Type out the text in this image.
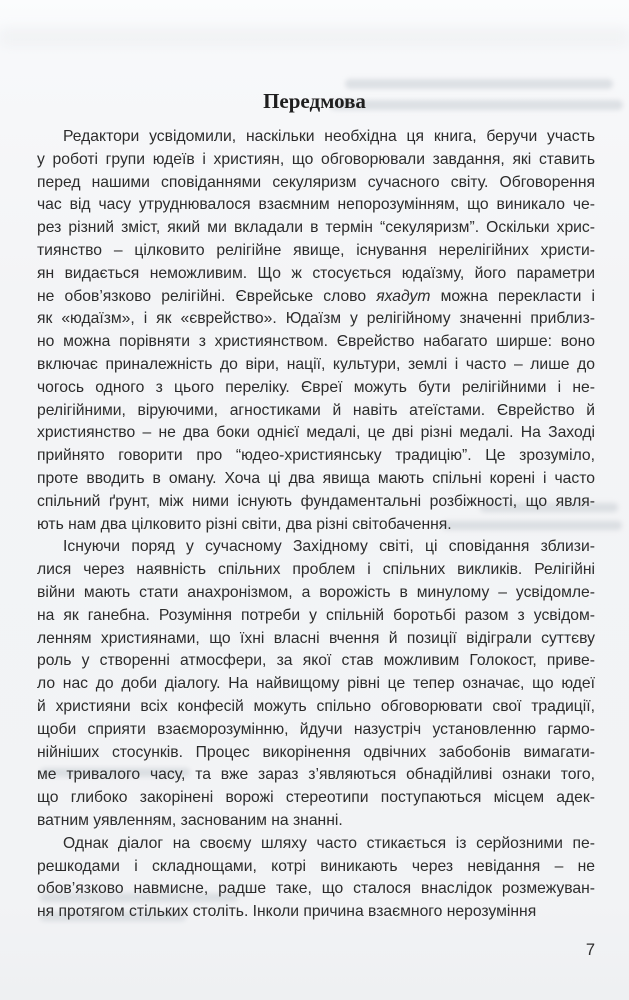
Передмова
Редактори усвідомили, наскільки необхідна ця книга, беручи участь
у роботі групи юдеїв і християн, що обговорювали завдання, які ставить
перед нашими сповіданнями секуляризм сучасного світу. Обговорення
час від часу утруднювалося взаємним непорозумінням, що виникало че-
рез різний зміст, який ми вкладали в термін “секуляризм”. Оскільки хрис-
тиянство – цілковито релігійне явище, існування нерелігійних христи-
ян видається неможливим. Що ж стосується юдаїзму, його параметри
не обов’язково релігійні. Єврейське слово яхадут можна перекласти і
як «юдаїзм», і як «єврейство». Юдаїзм у релігійному значенні приблиз-
но можна порівняти з християнством. Єврейство набагато ширше: воно
включає приналежність до віри, нації, культури, землі і часто – лише до
чогось одного з цього переліку. Євреї можуть бути релігійними і не-
релігійними, віруючими, агностиками й навіть атеїстами. Єврейство й
християнство – не два боки однієї медалі, це дві різні медалі. На Заході
прийнято говорити про “юдео-християнську традицію”. Це зрозуміло,
проте вводить в оману. Хоча ці два явища мають спільні корені і часто
спільний ґрунт, між ними існують фундаментальні розбіжності, що явля-
ють нам два цілковито різні світи, два різні світобачення.
Існуючи поряд у сучасному Західному світі, ці сповідання зблизи-
лися через наявність спільних проблем і спільних викликів. Релігійні
війни мають стати анахронізмом, а ворожість в минулому – усвідомле-
на як ганебна. Розуміння потреби у спільній боротьбі разом з усвідом-
ленням християнами, що їхні власні вчення й позиції відіграли суттєву
роль у створенні атмосфери, за якої став можливим Голокост, приве-
ло нас до доби діалогу. На найвищому рівні це тепер означає, що юдеї
й християни всіх конфесій можуть спільно обговорювати свої традиції,
щоби сприяти взаєморозумінню, йдучи назустріч установленню гармо-
нійніших стосунків. Процес викорінення одвічних забобонів вимагати-
ме тривалого часу, та вже зараз з’являються обнадійливі ознаки того,
що глибоко закорінені ворожі стереотипи поступаються місцем адек-
ватним уявленням, заснованим на знанні.
Однак діалог на своєму шляху часто стикається із серйозними пе-
решкодами і складнощами, котрі виникають через невідання – не
обов’язково навмисне, радше таке, що сталося внаслідок розмежуван-
ня протягом стільких століть. Інколи причина взаємного нерозуміння
7
